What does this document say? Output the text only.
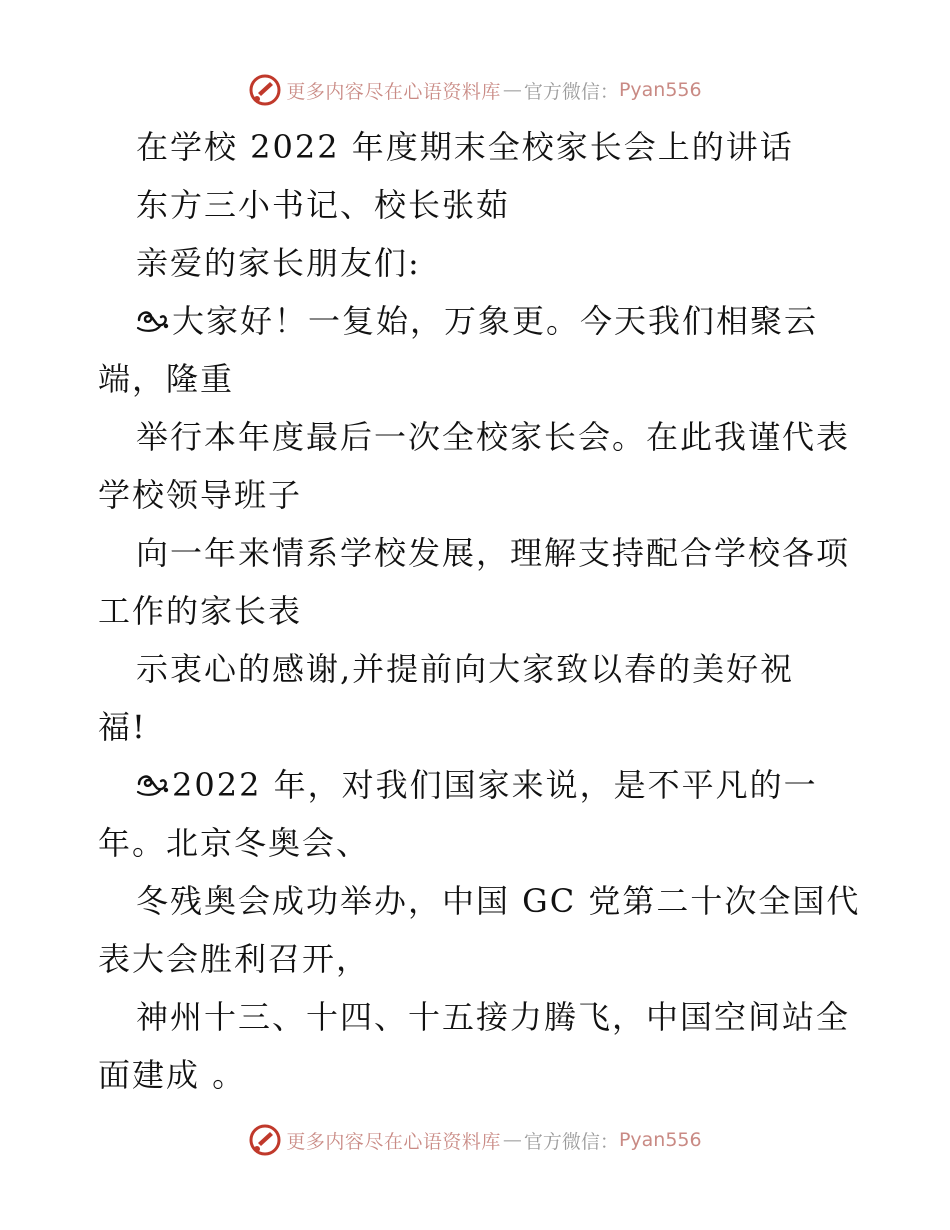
更多内容尽在心语资料库 — 官方微信： Pyan556
在学校 2022 年度期末全校家长会上的讲话
东方三小书记、校长张茹
亲爱的家长朋友们:
大家好！一复始，万象更。今天我们相聚云
端，隆重
举行本年度最后一次全校家长会。在此我谨代表
学校领导班子
向一年来情系学校发展，理解支持配合学校各项
工作的家长表
示衷心的感谢,并提前向大家致以春的美好祝
福!
2022 年，对我们国家来说，是不平凡的一
年。北京冬奥会、
冬残奥会成功举办，中国 GC 党第二十次全国代
表大会胜利召开，
神州十三、十四、十五接力腾飞，中国空间站全
面建成 。
更多内容尽在心语资料库 — 官方微信： Pyan556
